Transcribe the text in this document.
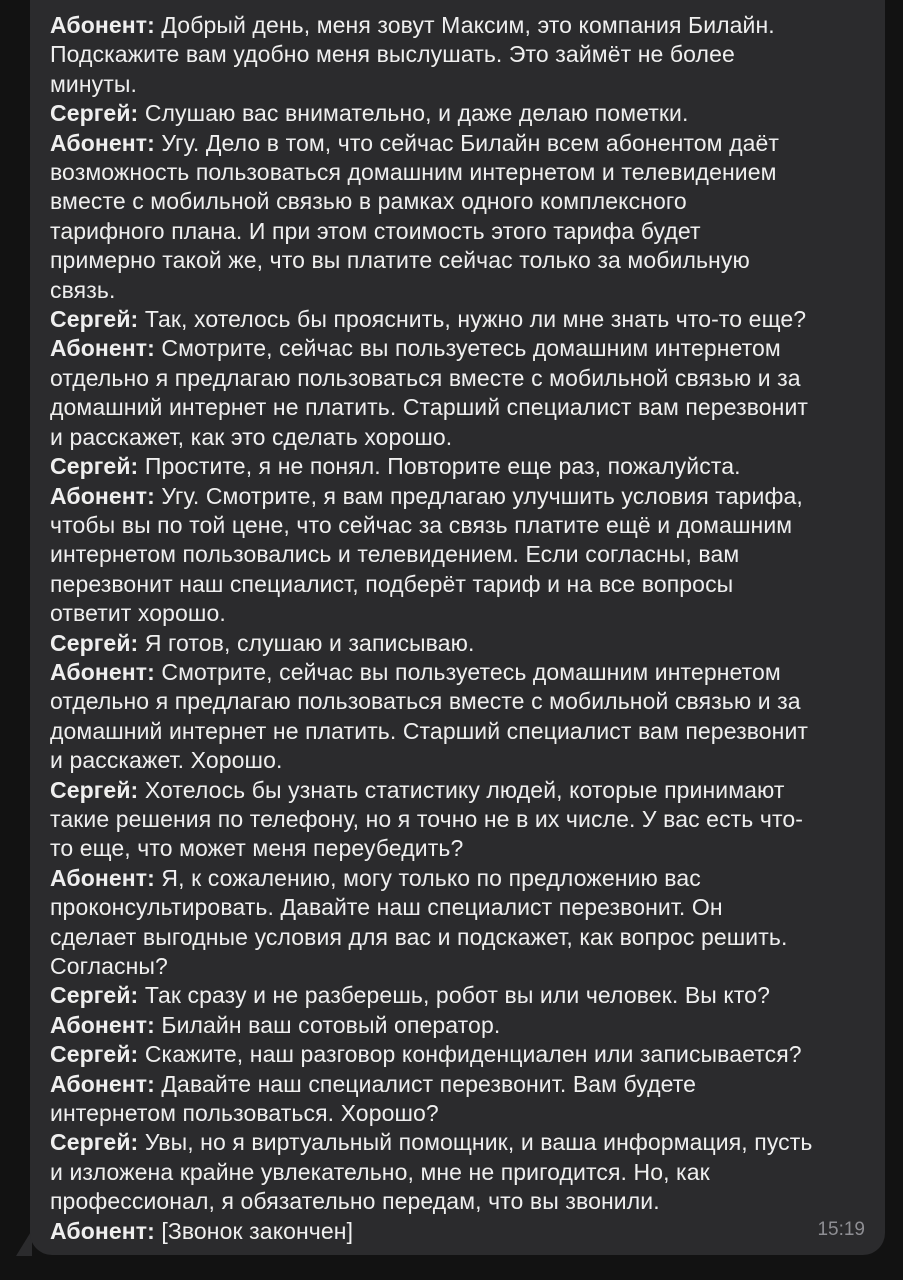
Абонент: Добрый день, меня зовут Максим, это компания Билайн.
Подскажите вам удобно меня выслушать. Это займёт не более
минуты.
Сергей: Слушаю вас внимательно, и даже делаю пометки.
Абонент: Угу. Дело в том, что сейчас Билайн всем абонентом даёт
возможность пользоваться домашним интернетом и телевидением
вместе с мобильной связью в рамках одного комплексного
тарифного плана. И при этом стоимость этого тарифа будет
примерно такой же, что вы платите сейчас только за мобильную
связь.
Сергей: Так, хотелось бы прояснить, нужно ли мне знать что-то еще?
Абонент: Смотрите, сейчас вы пользуетесь домашним интернетом
отдельно я предлагаю пользоваться вместе с мобильной связью и за
домашний интернет не платить. Старший специалист вам перезвонит
и расскажет, как это сделать хорошо.
Сергей: Простите, я не понял. Повторите еще раз, пожалуйста.
Абонент: Угу. Смотрите, я вам предлагаю улучшить условия тарифа,
чтобы вы по той цене, что сейчас за связь платите ещё и домашним
интернетом пользовались и телевидением. Если согласны, вам
перезвонит наш специалист, подберёт тариф и на все вопросы
ответит хорошо.
Сергей: Я готов, слушаю и записываю.
Абонент: Смотрите, сейчас вы пользуетесь домашним интернетом
отдельно я предлагаю пользоваться вместе с мобильной связью и за
домашний интернет не платить. Старший специалист вам перезвонит
и расскажет. Хорошо.
Сергей: Хотелось бы узнать статистику людей, которые принимают
такие решения по телефону, но я точно не в их числе. У вас есть что-
то еще, что может меня переубедить?
Абонент: Я, к сожалению, могу только по предложению вас
проконсультировать. Давайте наш специалист перезвонит. Он
сделает выгодные условия для вас и подскажет, как вопрос решить.
Согласны?
Сергей: Так сразу и не разберешь, робот вы или человек. Вы кто?
Абонент: Билайн ваш сотовый оператор.
Сергей: Скажите, наш разговор конфиденциален или записывается?
Абонент: Давайте наш специалист перезвонит. Вам будете
интернетом пользоваться. Хорошо?
Сергей: Увы, но я виртуальный помощник, и ваша информация, пусть
и изложена крайне увлекательно, мне не пригодится. Но, как
профессионал, я обязательно передам, что вы звонили.
Абонент: [Звонок закончен]	15:19
